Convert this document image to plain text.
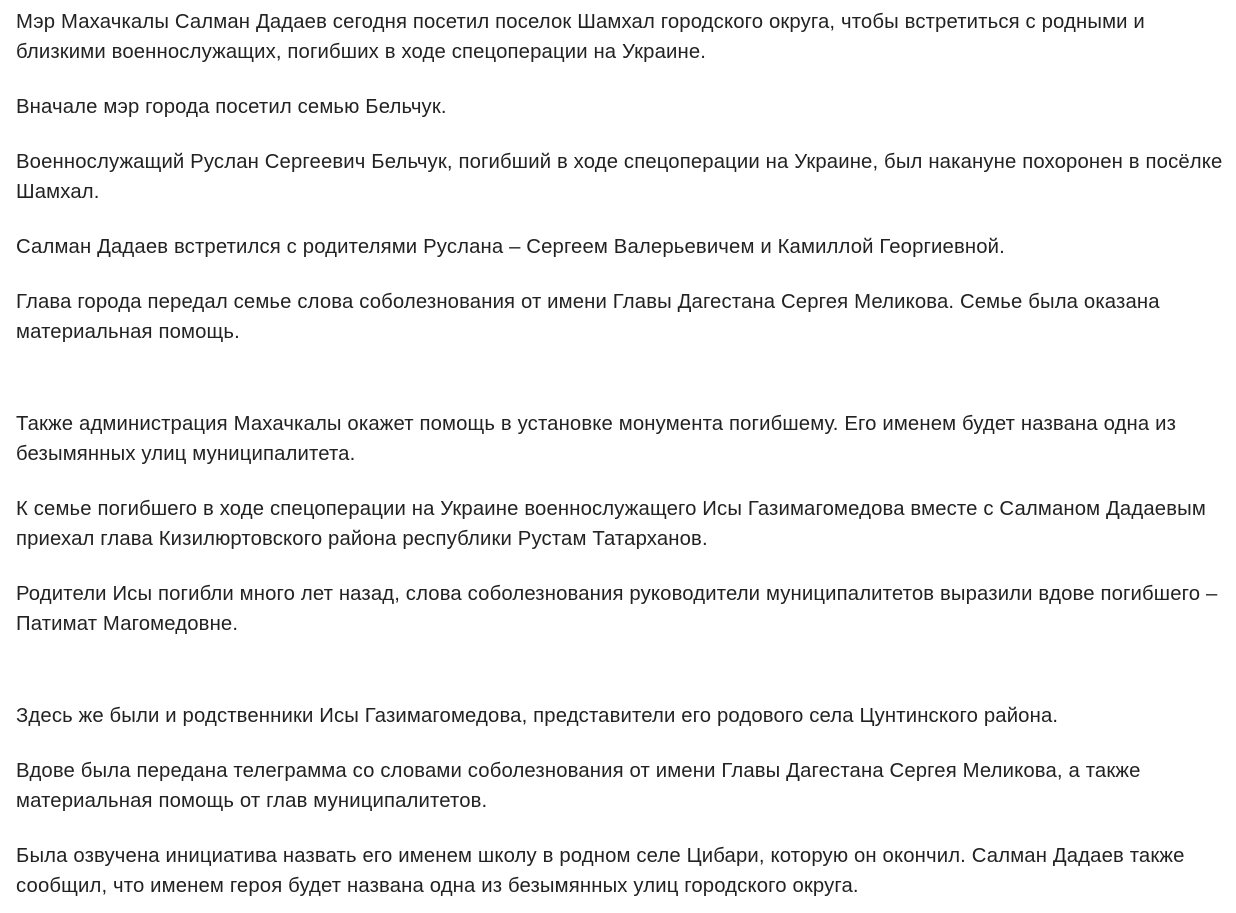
Мэр Махачкалы Салман Дадаев сегодня посетил поселок Шамхал городского округа, чтобы встретиться с родными и близкими военнослужащих, погибших в ходе спецоперации на Украине.

Вначале мэр города посетил семью Бельчук.

Военнослужащий Руслан Сергеевич Бельчук, погибший в ходе спецоперации на Украине, был накануне похоронен в посёлке Шамхал.

Салман Дадаев встретился с родителями Руслана – Сергеем Валерьевичем и Камиллой Георгиевной.

Глава города передал семье слова соболезнования от имени Главы Дагестана Сергея Меликова. Семье была оказана материальная помощь.

Также администрация Махачкалы окажет помощь в установке монумента погибшему. Его именем будет названа одна из безымянных улиц муниципалитета.

К семье погибшего в ходе спецоперации на Украине военнослужащего Исы Газимагомедова вместе с Салманом Дадаевым приехал глава Кизилюртовского района республики Рустам Татарханов.

Родители Исы погибли много лет назад, слова соболезнования руководители муниципалитетов выразили вдове погибшего – Патимат Магомедовне.

Здесь же были и родственники Исы Газимагомедова, представители его родового села Цунтинского района.

Вдове была передана телеграмма со словами соболезнования от имени Главы Дагестана Сергея Меликова, а также материальная помощь от глав муниципалитетов.

Была озвучена инициатива назвать его именем школу в родном селе Цибари, которую он окончил. Салман Дадаев также сообщил, что именем героя будет названа одна из безымянных улиц городского округа.
